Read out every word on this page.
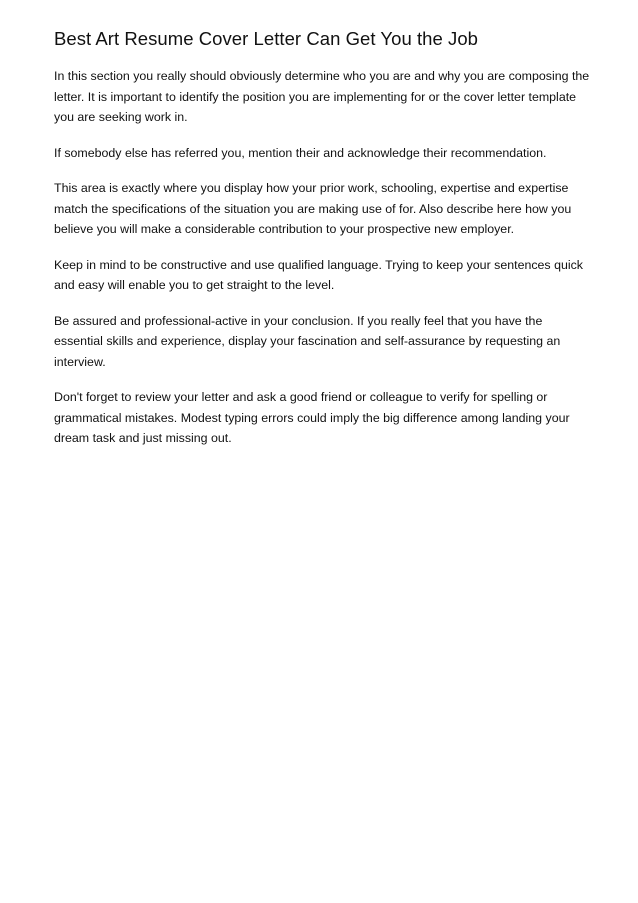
Best Art Resume Cover Letter Can Get You the Job

In this section you really should obviously determine who you are and why you are composing the letter. It is important to identify the position you are implementing for or the cover letter template you are seeking work in.

If somebody else has referred you, mention their and acknowledge their recommendation.

This area is exactly where you display how your prior work, schooling, expertise and expertise match the specifications of the situation you are making use of for. Also describe here how you believe you will make a considerable contribution to your prospective new employer.

Keep in mind to be constructive and use qualified language. Trying to keep your sentences quick and easy will enable you to get straight to the level.

Be assured and professional-active in your conclusion. If you really feel that you have the essential skills and experience, display your fascination and self-assurance by requesting an interview.

Don't forget to review your letter and ask a good friend or colleague to verify for spelling or grammatical mistakes. Modest typing errors could imply the big difference among landing your dream task and just missing out.
